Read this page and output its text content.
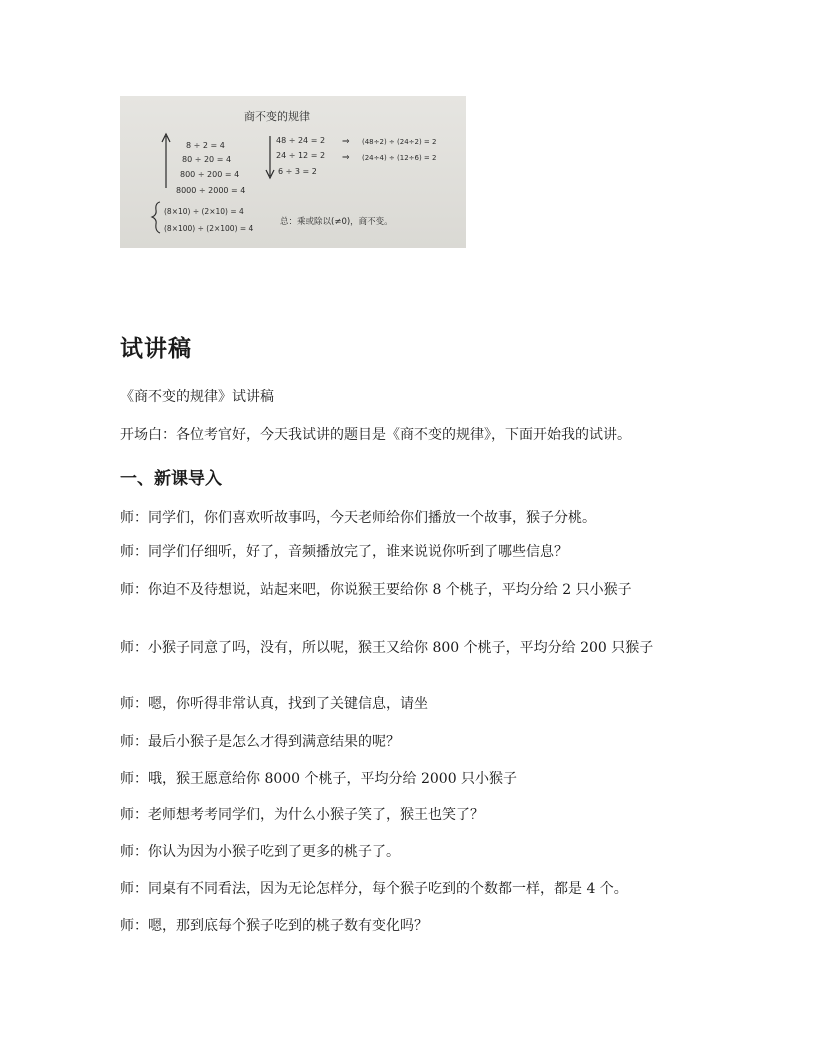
商不变的规律
8 ÷ 2 = 4
80 ÷ 20 = 4
800 ÷ 200 = 4
8000 ÷ 2000 = 4
(8×10) ÷ (2×10) = 4
(8×100) ÷ (2×100) = 4
48 ÷ 24 = 2
24 ÷ 12 = 2
6 ÷ 3 = 2
⇒
⇒
(48÷2) ÷ (24÷2) = 2
(24÷4) ÷ (12÷6) = 2
总：乘或除以(≠0)，商不变。
试讲稿
《商不变的规律》试讲稿
开场白：各位考官好，今天我试讲的题目是《商不变的规律》，下面开始我的试讲。
一、新课导入
师：同学们，你们喜欢听故事吗，今天老师给你们播放一个故事，猴子分桃。
师：同学们仔细听，好了，音频播放完了，谁来说说你听到了哪些信息？
师：你迫不及待想说，站起来吧，你说猴王要给你 8 个桃子，平均分给 2 只小猴子
师：小猴子同意了吗，没有，所以呢，猴王又给你 800 个桃子，平均分给 200 只猴子
师：嗯，你听得非常认真，找到了关键信息，请坐
师：最后小猴子是怎么才得到满意结果的呢？
师：哦，猴王愿意给你 8000 个桃子，平均分给 2000 只小猴子
师：老师想考考同学们，为什么小猴子笑了，猴王也笑了？
师：你认为因为小猴子吃到了更多的桃子了。
师：同桌有不同看法，因为无论怎样分，每个猴子吃到的个数都一样，都是 4 个。
师：嗯，那到底每个猴子吃到的桃子数有变化吗？
